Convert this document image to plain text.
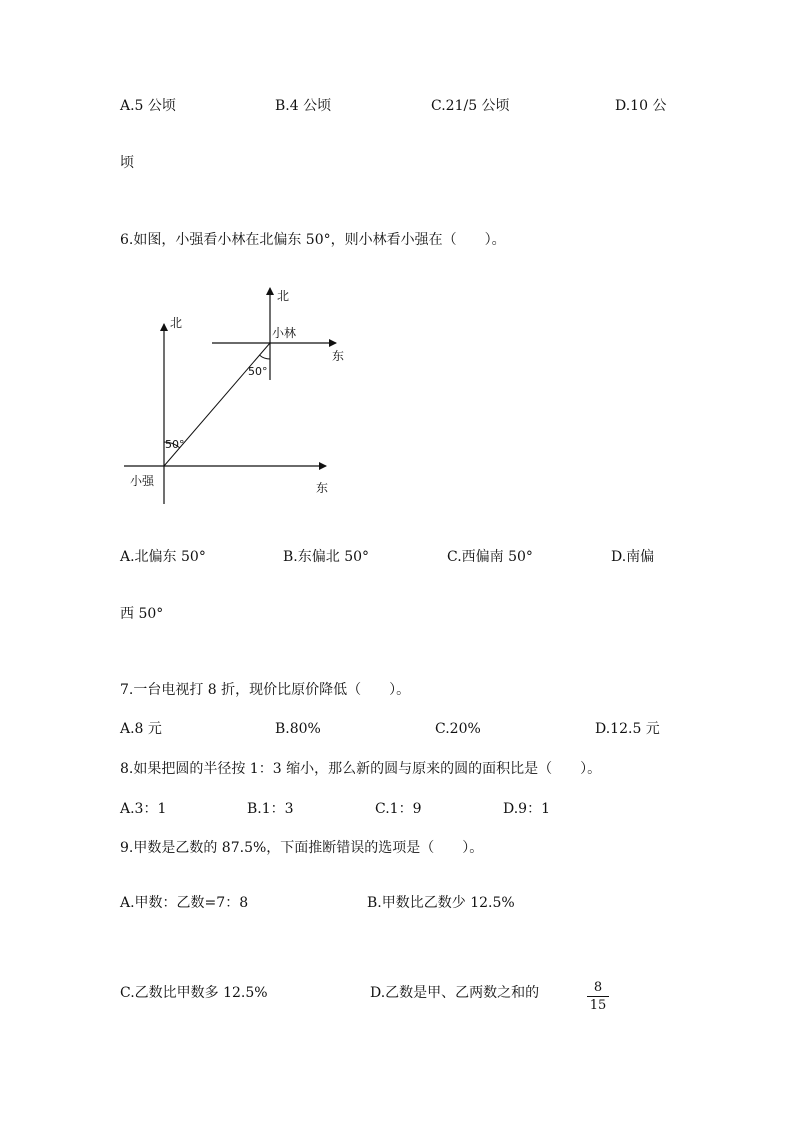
A.5 公顷	B.4 公顷	C.21/5 公顷	D.10 公
顷
6.如图，小强看小林在北偏东 50°，则小林看小强在（　　）。
北
北
东
东
小林
小强
50°
50°
A.北偏东 50°	B.东偏北 50°	C.西偏南 50°	D.南偏
西 50°
7.一台电视打 8 折，现价比原价降低（　　）。
A.8 元	B.80%	C.20%	D.12.5 元
8.如果把圆的半径按 1：3 缩小，那么新的圆与原来的圆的面积比是（　　）。
A.3：1	B.1：3	C.1：9	D.9：1
9.甲数是乙数的 87.5%，下面推断错误的选项是（　　）。
A.甲数：乙数=7：8	B.甲数比乙数少 12.5%
C.乙数比甲数多 12.5%	D.乙数是甲、乙两数之和的	8
15
